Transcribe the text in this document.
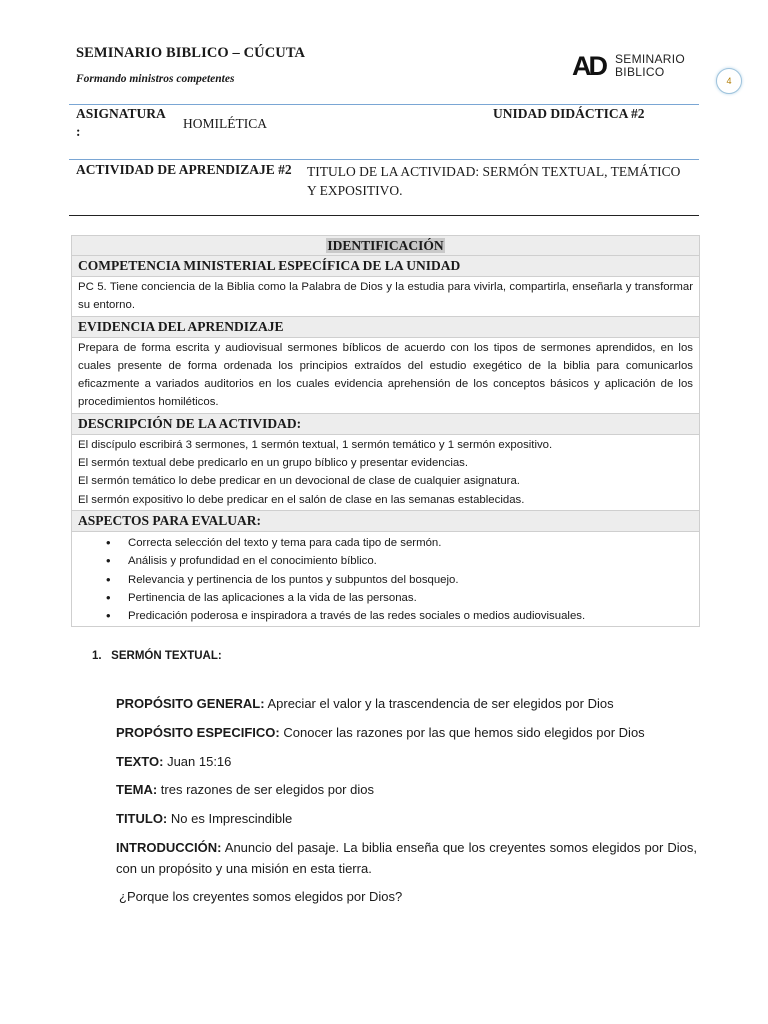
SEMINARIO BIBLICO – CÚCUTA
Formando ministros competentes	AD SEMINARIO
BIBLICO
4
ASIGNATURA
:
HOMILÉTICA
UNIDAD DIDÁCTICA #2
ACTIVIDAD DE APRENDIZAJE #2 TITULO DE LA ACTIVIDAD: SERMÓN TEXTUAL, TEMÁTICO
Y EXPOSITIVO.
IDENTIFICACIÓN
COMPETENCIA MINISTERIAL ESPECÍFICA DE LA UNIDAD
PC 5. Tiene conciencia de la Biblia como la Palabra de Dios y la estudia para vivirla, compartirla, enseñarla y transformar su entorno.
EVIDENCIA DEL APRENDIZAJE
Prepara de forma escrita y audiovisual sermones bíblicos de acuerdo con los tipos de sermones aprendidos, en los cuales presente de forma ordenada los principios extraídos del estudio exegético de la biblia para comunicarlos eficazmente a variados auditorios en los cuales evidencia aprehensión de los conceptos básicos y aplicación de los procedimientos homiléticos.
DESCRIPCIÓN DE LA ACTIVIDAD:
El discípulo escribirá 3 sermones, 1 sermón textual, 1 sermón temático y 1 sermón expositivo.
El sermón textual debe predicarlo en un grupo bíblico y presentar evidencias.
El sermón temático lo debe predicar en un devocional de clase de cualquier asignatura.
El sermón expositivo lo debe predicar en el salón de clase en las semanas establecidas.
ASPECTOS PARA EVALUAR:
• Correcta selección del texto y tema para cada tipo de sermón.
• Análisis y profundidad en el conocimiento bíblico.
• Relevancia y pertinencia de los puntos y subpuntos del bosquejo.
• Pertinencia de las aplicaciones a la vida de las personas.
• Predicación poderosa e inspiradora a través de las redes sociales o medios audiovisuales.
1.   SERMÓN TEXTUAL:
PROPÓSITO GENERAL: Apreciar el valor y la trascendencia de ser elegidos por Dios
PROPÓSITO ESPECIFICO: Conocer las razones por las que hemos sido elegidos por Dios
TEXTO: Juan 15:16
TEMA: tres razones de ser elegidos por dios
TITULO: No es Imprescindible
INTRODUCCIÓN: Anuncio del pasaje. La biblia enseña que los creyentes somos elegidos por Dios, con un propósito y una misión en esta tierra.
¿Porque los creyentes somos elegidos por Dios?
